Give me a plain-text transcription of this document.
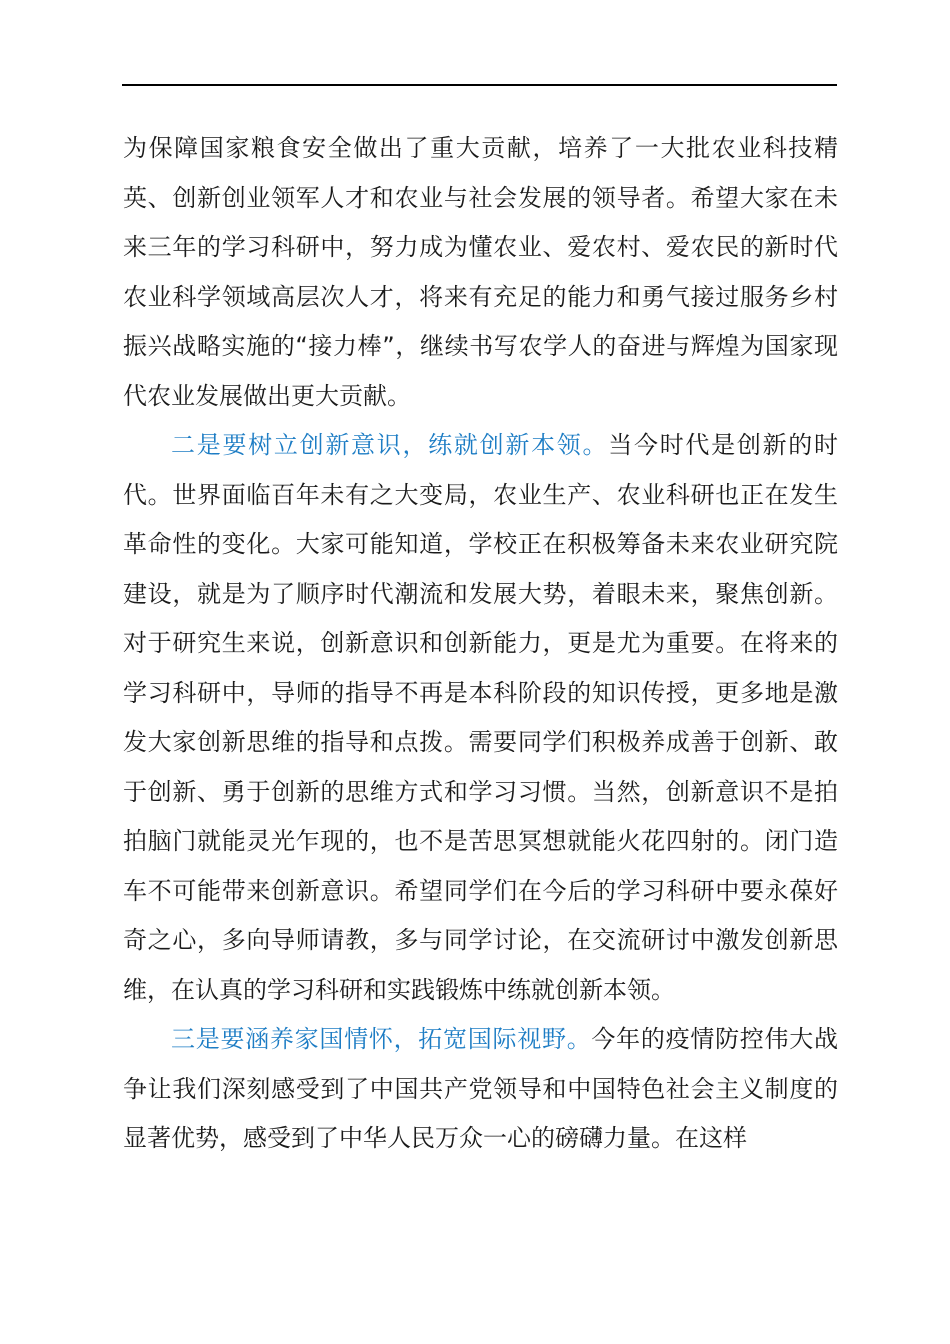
为保障国家粮食安全做出了重大贡献，培养了一大批农业科技精英、创新创业领军人才和农业与社会发展的领导者。希望大家在未来三年的学习科研中，努力成为懂农业、爱农村、爱农民的新时代农业科学领域高层次人才，将来有充足的能力和勇气接过服务乡村振兴战略实施的“接力棒”，继续书写农学人的奋进与辉煌为国家现代农业发展做出更大贡献。

二是要树立创新意识，练就创新本领。当今时代是创新的时代。世界面临百年未有之大变局，农业生产、农业科研也正在发生革命性的变化。大家可能知道，学校正在积极筹备未来农业研究院建设，就是为了顺序时代潮流和发展大势，着眼未来，聚焦创新。对于研究生来说，创新意识和创新能力，更是尤为重要。在将来的学习科研中，导师的指导不再是本科阶段的知识传授，更多地是激发大家创新思维的指导和点拨。需要同学们积极养成善于创新、敢于创新、勇于创新的思维方式和学习习惯。当然，创新意识不是拍拍脑门就能灵光乍现的，也不是苦思冥想就能火花四射的。闭门造车不可能带来创新意识。希望同学们在今后的学习科研中要永葆好奇之心，多向导师请教，多与同学讨论，在交流研讨中激发创新思维，在认真的学习科研和实践锻炼中练就创新本领。

三是要涵养家国情怀，拓宽国际视野。今年的疫情防控伟大战争让我们深刻感受到了中国共产党领导和中国特色社会主义制度的显著优势，感受到了中华人民万众一心的磅礴力量。在这样
